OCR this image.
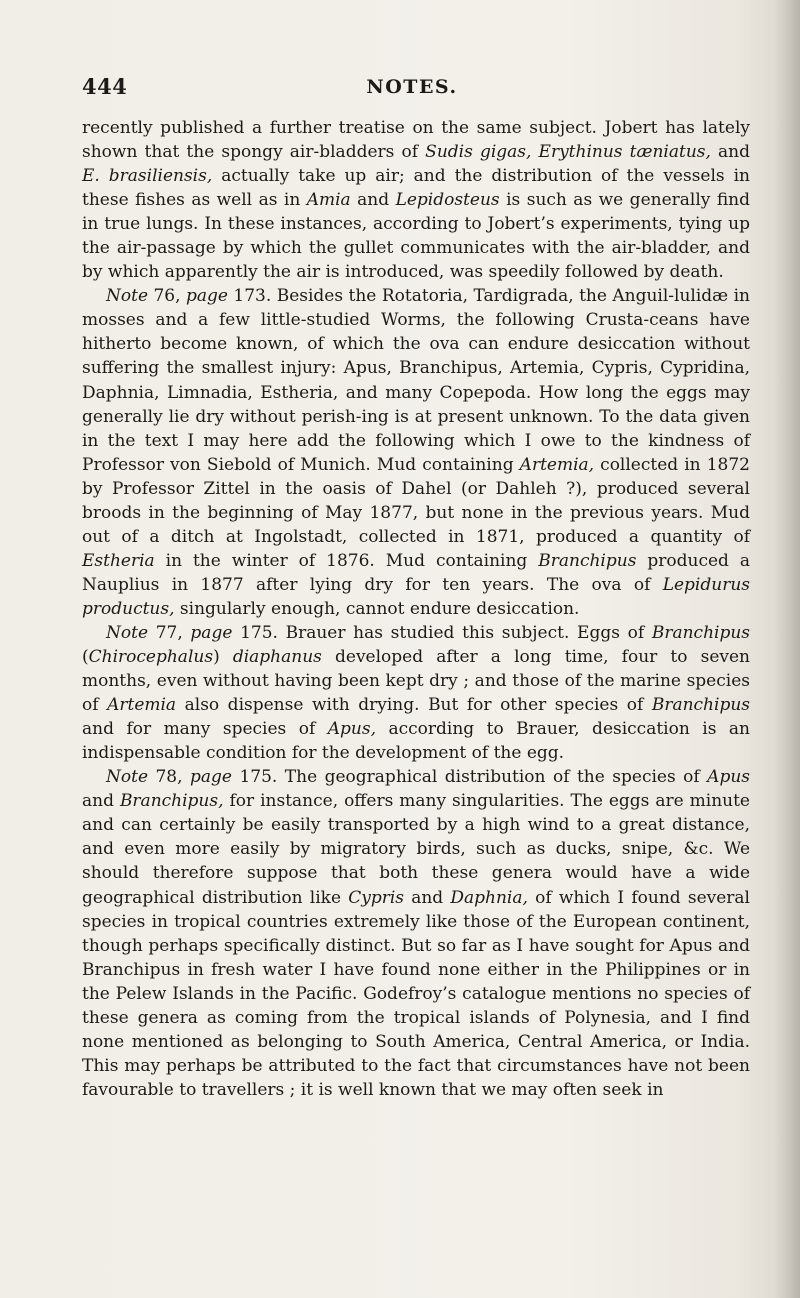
444	NOTES.

recently published a further treatise on the same subject. Jobert has lately shown that the spongy air-bladders of Sudis gigas, Erythinus tæniatus, and E. brasiliensis, actually take up air; and the distribution of the vessels in these fishes as well as in Amia and Lepidosteus is such as we generally find in true lungs. In these instances, according to Jobert’s experiments, tying up the air-passage by which the gullet communicates with the air-bladder, and by which apparently the air is introduced, was speedily followed by death.

Note 76, page 173. Besides the Rotatoria, Tardigrada, the Anguil-lulidæ in mosses and a few little-studied Worms, the following Crusta-ceans have hitherto become known, of which the ova can endure desiccation without suffering the smallest injury: Apus, Branchipus, Artemia, Cypris, Cypridina, Daphnia, Limnadia, Estheria, and many Copepoda. How long the eggs may generally lie dry without perish-ing is at present unknown. To the data given in the text I may here add the following which I owe to the kindness of Professor von Siebold of Munich. Mud containing Artemia, collected in 1872 by Professor Zittel in the oasis of Dahel (or Dahleh ?), produced several broods in the beginning of May 1877, but none in the previous years. Mud out of a ditch at Ingolstadt, collected in 1871, produced a quantity of Estheria in the winter of 1876. Mud containing Branchipus produced a Nauplius in 1877 after lying dry for ten years. The ova of Lepidurus productus, singularly enough, cannot endure desiccation.

Note 77, page 175. Brauer has studied this subject. Eggs of Branchipus (Chirocephalus) diaphanus developed after a long time, four to seven months, even without having been kept dry ; and those of the marine species of Artemia also dispense with drying. But for other species of Branchipus and for many species of Apus, according to Brauer, desiccation is an indispensable condition for the development of the egg.

Note 78, page 175. The geographical distribution of the species of Apus and Branchipus, for instance, offers many singularities. The eggs are minute and can certainly be easily transported by a high wind to a great distance, and even more easily by migratory birds, such as ducks, snipe, &c. We should therefore suppose that both these genera would have a wide geographical distribution like Cypris and Daphnia, of which I found several species in tropical countries extremely like those of the European continent, though perhaps specifically distinct. But so far as I have sought for Apus and Branchipus in fresh water I have found none either in the Philippines or in the Pelew Islands in the Pacific. Godefroy’s catalogue mentions no species of these genera as coming from the tropical islands of Polynesia, and I find none mentioned as belonging to South America, Central America, or India. This may perhaps be attributed to the fact that circumstances have not been favourable to travellers ; it is well known that we may often seek in
